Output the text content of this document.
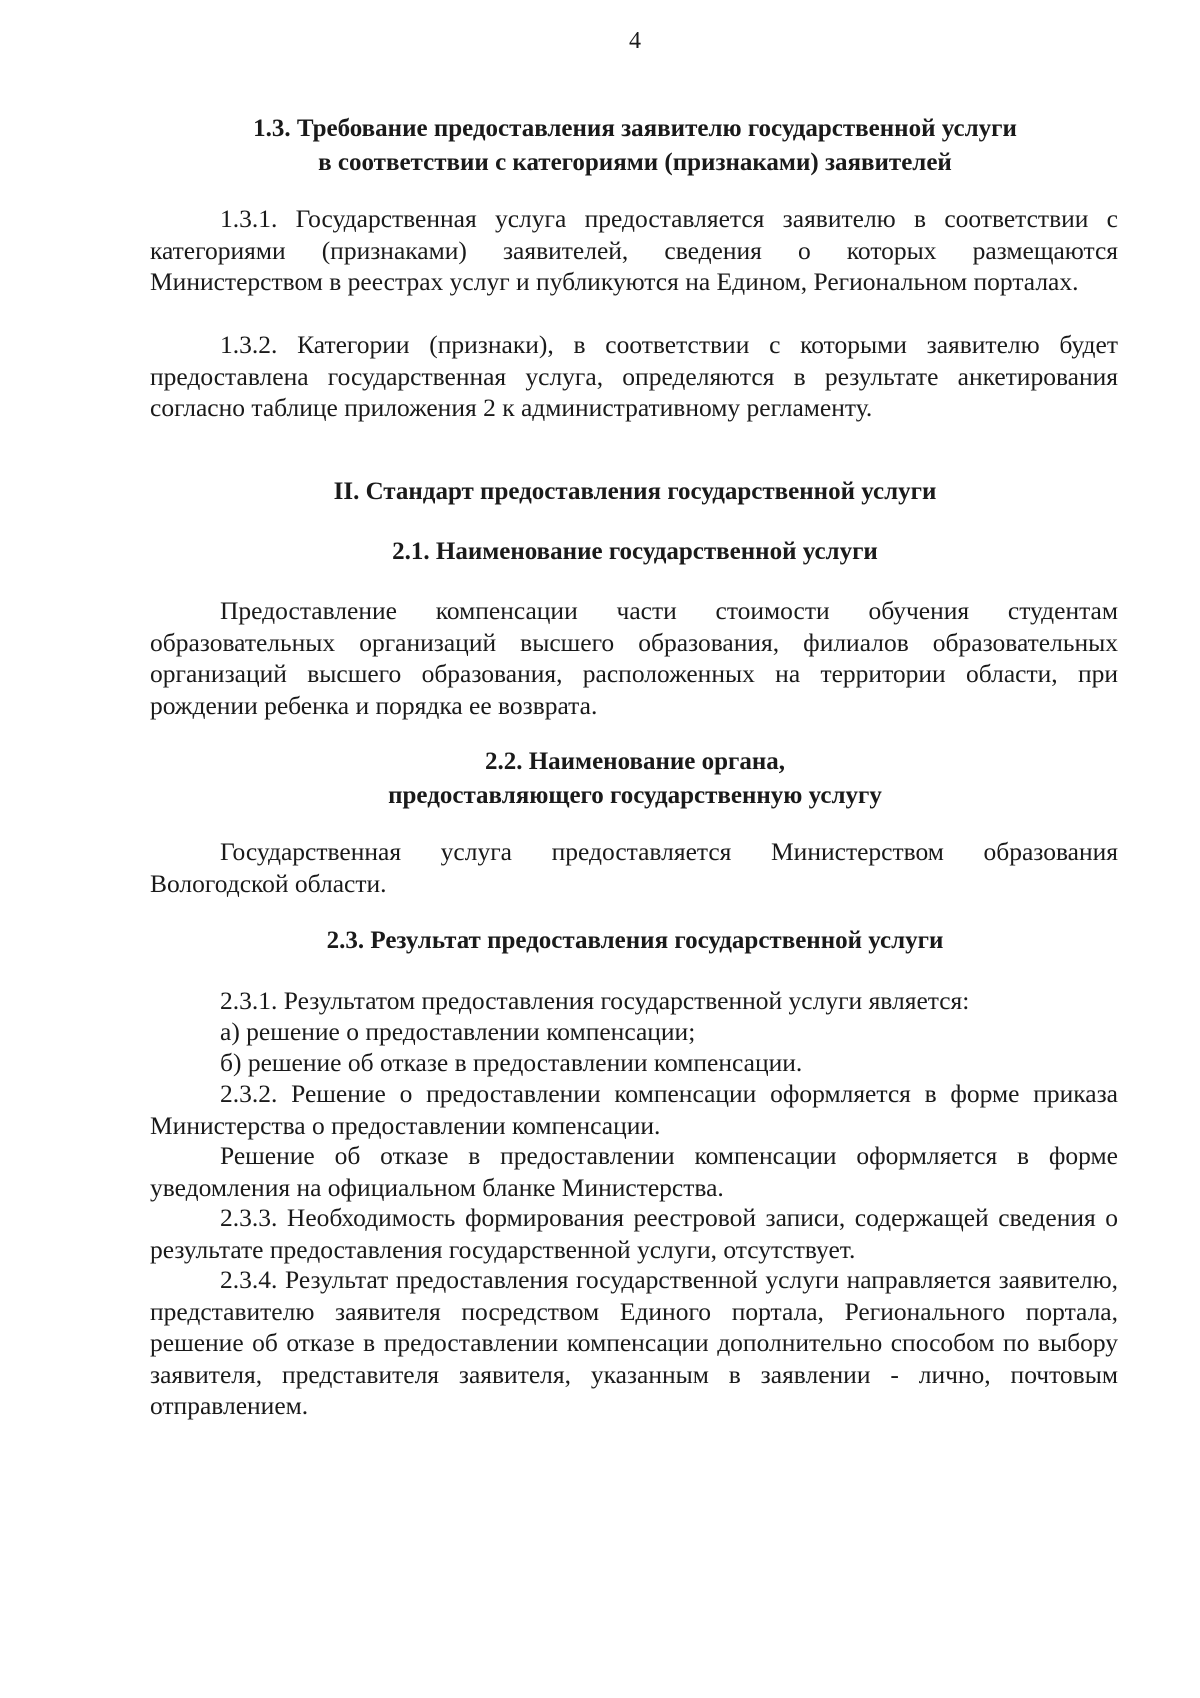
4
1.3. Требование предоставления заявителю государственной услуги
в соответствии с категориями (признаками) заявителей
1.3.1. Государственная услуга предоставляется заявителю в соответствии с категориями (признаками) заявителей, сведения о которых размещаются Министерством в реестрах услуг и публикуются на Едином, Региональном порталах.
1.3.2. Категории (признаки), в соответствии с которыми заявителю будет предоставлена государственная услуга, определяются в результате анкетирования согласно таблице приложения 2 к административному регламенту.
II. Стандарт предоставления государственной услуги
2.1. Наименование государственной услуги
Предоставление компенсации части стоимости обучения студентам образовательных организаций высшего образования, филиалов образовательных организаций высшего образования, расположенных на территории области, при рождении ребенка и порядка ее возврата.
2.2. Наименование органа,
предоставляющего государственную услугу
Государственная услуга предоставляется Министерством образования Вологодской области.
2.3. Результат предоставления государственной услуги
2.3.1. Результатом предоставления государственной услуги является:
а) решение о предоставлении компенсации;
б) решение об отказе в предоставлении компенсации.
2.3.2. Решение о предоставлении компенсации оформляется в форме приказа Министерства о предоставлении компенсации.
Решение об отказе в предоставлении компенсации оформляется в форме уведомления на официальном бланке Министерства.
2.3.3. Необходимость формирования реестровой записи, содержащей сведения о результате предоставления государственной услуги, отсутствует.
2.3.4. Результат предоставления государственной услуги направляется заявителю, представителю заявителя посредством Единого портала, Регионального портала, решение об отказе в предоставлении компенсации дополнительно способом по выбору заявителя, представителя заявителя, указанным в заявлении - лично, почтовым отправлением.
